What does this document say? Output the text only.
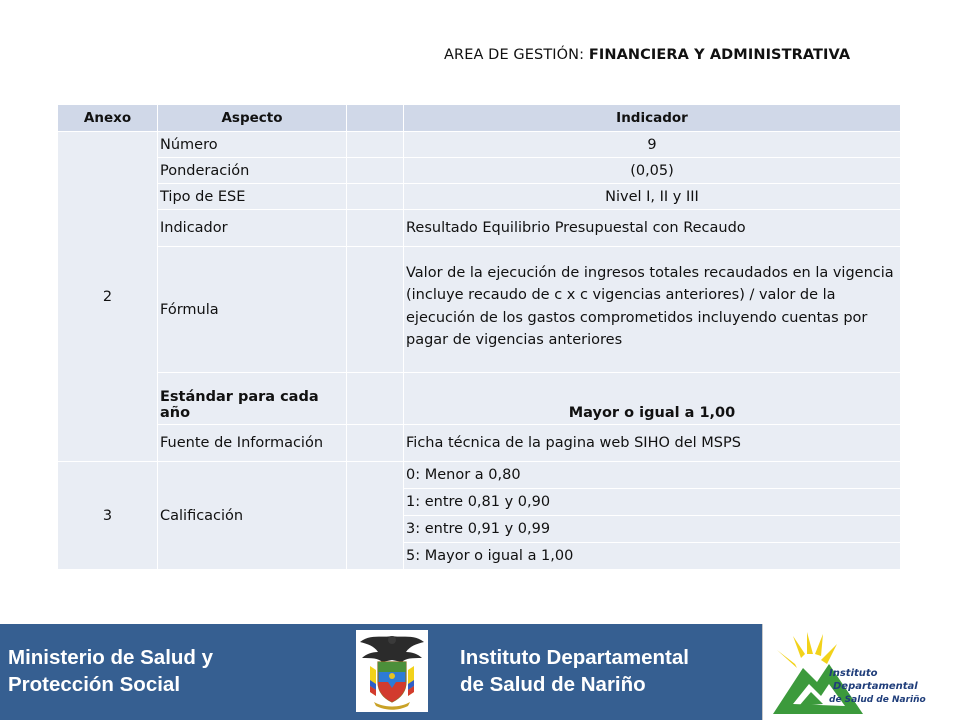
AREA DE GESTIÓN: FINANCIERA Y ADMINISTRATIVA
Anexo	Aspecto		Indicador
2	Número		9
	Ponderación		(0,05)
	Tipo de ESE		Nivel I, II y III
	Indicador		Resultado Equilibrio Presupuestal con Recaudo
	Fórmula		Valor de la ejecución de ingresos totales recaudados en la vigencia (incluye recaudo de c x c vigencias anteriores) / valor de la ejecución de los gastos comprometidos incluyendo cuentas por pagar de vigencias anteriores
	Estándar para cada año		Mayor o igual a 1,00
	Fuente de Información		Ficha técnica de la pagina web SIHO del MSPS
3	Calificación		0: Menor a 0,80
1: entre 0,81 y 0,90
3: entre 0,91 y 0,99
5: Mayor o igual a 1,00
Ministerio de Salud y
Protección Social
Instituto Departamental
de Salud de Nariño	Instituto
Departamental
de Salud de Nariño
